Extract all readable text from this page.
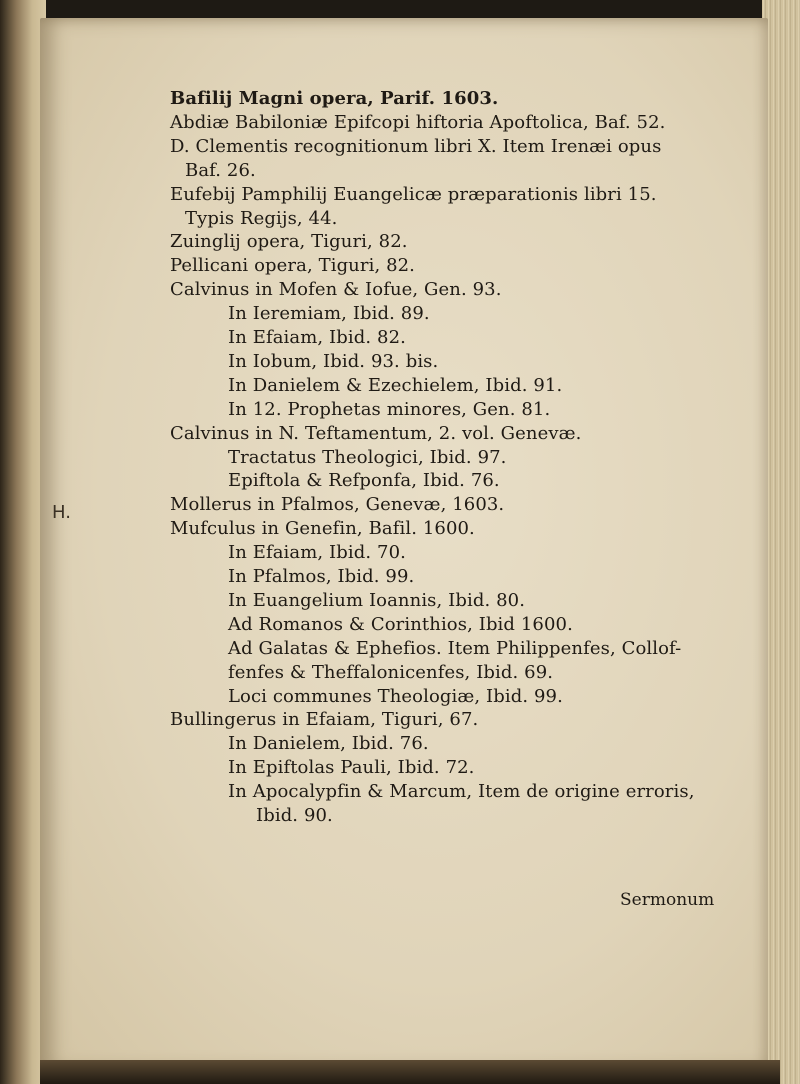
H.
Bafilij Magni opera, Parif. 1603.
Abdiæ Babiloniæ Epifcopi hiftoria Apoftolica, Baf. 52.
D. Clementis recognitionum libri X. Item Irenæi opus
Baf. 26.
Eufebij Pamphilij Euangelicæ præparationis libri 15.
Typis Regijs, 44.
Zuinglij opera, Tiguri, 82.
Pellicani opera, Tiguri, 82.
Calvinus in Mofen & Iofue, Gen. 93.
In Ieremiam, Ibid. 89.
In Efaiam, Ibid. 82.
In Iobum, Ibid. 93. bis.
In Danielem & Ezechielem, Ibid. 91.
In 12. Prophetas minores, Gen. 81.
Calvinus in N. Teftamentum, 2. vol. Genevæ.
Tractatus Theologici, Ibid. 97.
Epiftola & Refponfa, Ibid. 76.
Mollerus in Pfalmos, Genevæ, 1603.
Mufculus in Genefin, Bafil. 1600.
In Efaiam, Ibid. 70.
In Pfalmos, Ibid. 99.
In Euangelium Ioannis, Ibid. 80.
Ad Romanos & Corinthios, Ibid 1600.
Ad Galatas & Ephefios. Item Philippenfes, Collof-
fenfes & Theffalonicenfes, Ibid. 69.
Loci communes Theologiæ, Ibid. 99.
Bullingerus in Efaiam, Tiguri, 67.
In Danielem, Ibid. 76.
In Epiftolas Pauli, Ibid. 72.
In Apocalypfin & Marcum, Item de origine erroris,
Ibid. 90.
Sermonum
